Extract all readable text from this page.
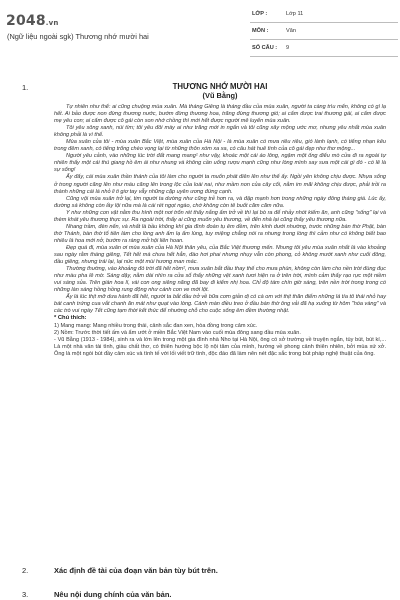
2048.vn
(Ngữ liệu ngoài sgk) Thương nhớ mười hai
LỚP :	Lớp 11
MÔN :	Văn
SỐ CÂU : 9
1.	THƯƠNG NHỚ MƯỜI HAI
(Vũ Bằng)

Tự nhiên như thế: ai cũng chuộng mùa xuân. Mà tháng Giêng là tháng đầu của mùa xuân, người ta càng trìu mến, không có gì lạ hết. Ai bảo được non đừng thương nước, bướm đừng thương hoa, trăng đừng thương gió; ai cấm được trai thương gái, ai cấm được mẹ yêu con; ai cấm được cô gái còn son nhớ chồng thì mới hết được người mê luyến mùa xuân.

Tôi yêu sông xanh, núi tím; tôi yêu đôi mày ai như trăng mới in ngấn và tôi cũng xây mộng ước mơ, nhưng yêu nhất mùa xuân không phải là vì thế.

Mùa xuân của tôi - mùa xuân Bắc Việt, mùa xuân của Hà Nội - là mùa xuân có mưa riêu riêu, gió lành lạnh, có tiếng nhạn kêu trong đêm xanh, có tiếng trống chèo vọng lại từ những thôn xóm xa xa, có câu hát huê tình của cô gái đẹp như thơ mộng...

Người yêu cảnh, vào những lúc trời đất mang mang¹ như vậy, khoác một cái áo lông, ngậm một ống điếu mò cửa đi ra ngoài tự nhiên thấy một cái thú giang hồ êm ái như nhung và không cần uống rượu mạnh cũng như lòng mình say sưa một cái gì đó - có lẽ là sự sống!

Ấy đấy, cái mùa xuân thần thánh của tôi làm cho người ta muốn phát điên lên như thế ấy. Ngồi yên không chịu được. Nhựa sống ở trong người căng lên như máu căng lên trong lộc của loài nai, như mầm non của cây cối, nằm im mãi không chịu được, phải trồi ra thành những cái lá nhỏ li ti giơ tay vẫy những cặp uyên ương đứng cạnh.

Cũng vội mùa xuân trở lại, tim người ta dường như cũng trẻ hơn ra, và đập mạnh hơn trong những ngày đông tháng giá. Lúc ấy, đường sá không còn lầy lội nữa mà là cái rét ngọt ngào, chớ không còn tê buốt căm căm nữa.

Y như những con vật nằm thu hình một nơi trốn rét thấy nắng ấm trở về thì lại bò ra để nhảy nhót kiếm ăn, anh cũng "sống" lại và thèm khát yêu thương thực sự. Ra ngoài trời, thấy ai cũng muốn yêu thương, về đến nhà lại cũng thấy yêu thương nữa.

Nhang trầm, đèn nến, và nhất là bầu không khí gia đình đoàn tụ êm đềm, trên kính dưới nhường, trước những bàn thờ Phật, bàn thờ Thánh, bàn thờ tổ tiên làm cho lòng anh ấm lạ ấm lùng, tuy miệng chẳng nói ra nhưng trong lòng thì cảm như có không biết bao nhiêu là hoa mới nở, bướm ra ràng mở hội liên hoan.

Đẹp quá đi, mùa xuân ơi mùa xuân của Hà Nội thân yêu, của Bắc Việt thương mến. Nhưng tôi yêu mùa xuân nhất là vào khoảng sau ngày rằm tháng giêng, Tết hết mà chưa hết hẳn, đào hơi phai nhưng nhụy vẫn còn phong, cỏ không mướt xanh như cuối đông, đầu giêng, nhưng trái lại, lại nức một mùi hương man mác.

Thường thường, vào khoảng đó trời đã hết nồm², mưa xuân bắt đầu thay thế cho mưa phùn, không còn làm cho nền trời đùng đục như màu pha lê mờ. Sáng dậy, nằm dài nhìn ra cửa sổ thấy những vệt xanh tươi hiện ra ở trên trời, mình cảm thấy rạo rực một niềm vui sáng sủa. Trên giàn hoa lí, vài con ong siêng năng đã bay đi kiếm nhị hoa. Chỉ độ tám chín giờ sáng, trên nền trời trong trong có những làn sáng hồng hồng rung động như cánh con ve mới lột.

Ấy là lúc thịt mỡ dưa hành đã hết, người ta bắt đầu trở về bữa cơm giản dị có cà om với thịt thăn điểm những lá tía tô thái nhỏ hay bát canh trứng cua vắt chanh ăn mát như quạt vào lòng. Cánh màn điều treo ở đầu bàn thờ ông vải đã hạ xuống từ hôm "hóa vàng" và các trò vui ngày Tết cũng tạm thời kết thúc để nhường chỗ cho cuộc sống êm đềm thường nhật.

* Chú thích:

1) Mang mang: Mang nhiều trong thái, cảnh sắc đan xen, hòa đồng trong cảm xúc.

2) Nồm: Trước thời tiết ấm và ẩm ướt ở miền Bắc Việt Nam vào cuối mùa đông sang đầu mùa xuân.

- Vũ Bằng (1913 - 1984), sinh ra và lớn lên trong một gia đình nhà Nho tại Hà Nội, ông có sở trường về truyện ngắn, tùy bút, bút kí,... Là một nhà văn tài tình, giàu chất thơ, có thiên hướng bộc lộ nội tâm của mình, hướng về phong cảnh thiên nhiên, bởi mùa xứ xở. Ông là một ngòi bút đầy cảm xúc và tình tế với lối viết trữ tình, độc đáo đã làm nên nét đặc sắc trong bút pháp nghệ thuật của ông.

2.	Xác định đề tài của đoạn văn bản tùy bút trên.
3.	Nêu nội dung chính của văn bản.
